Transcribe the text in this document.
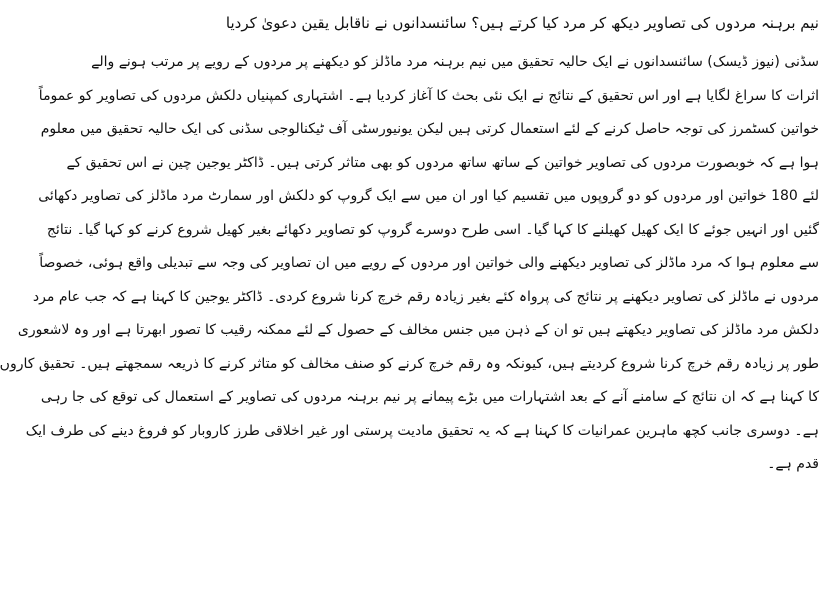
نیم برہنہ مردوں کی تصاویر دیکھ کر مرد کیا کرتے ہیں؟ سائنسدانوں نے ناقابل یقین دعویٰ کردیا

سڈنی (نیوز ڈیسک) سائنسدانوں نے ایک حالیہ تحقیق میں نیم برہنہ مرد ماڈلز کو دیکھنے پر مردوں کے رویے پر مرتب ہونے والے

اثرات کا سراغ لگایا ہے اور اس تحقیق کے نتائج نے ایک نئی بحث کا آغاز کردیا ہے۔ اشتہاری کمپنیاں دلکش مردوں کی تصاویر کو عموماً

خواتین کسٹمرز کی توجہ حاصل کرنے کے لئے استعمال کرتی ہیں لیکن یونیورسٹی آف ٹیکنالوجی سڈنی کی ایک حالیہ تحقیق میں معلوم

ہوا ہے کہ خوبصورت مردوں کی تصاویر خواتین کے ساتھ ساتھ مردوں کو بھی متاثر کرتی ہیں۔ ڈاکٹر یوجین چین نے اس تحقیق کے

لئے 180 خواتین اور مردوں کو دو گروپوں میں تقسیم کیا اور ان میں سے ایک گروپ کو دلکش اور سمارٹ مرد ماڈلز کی تصاویر دکھائی

گئیں اور انہیں جوئے کا ایک کھیل کھیلنے کا کہا گیا۔ اسی طرح دوسرے گروپ کو تصاویر دکھائے بغیر کھیل شروع کرنے کو کہا گیا۔ نتائج

سے معلوم ہوا کہ مرد ماڈلز کی تصاویر دیکھنے والی خواتین اور مردوں کے رویے میں ان تصاویر کی وجہ سے تبدیلی واقع ہوئی، خصوصاً

مردوں نے ماڈلز کی تصاویر دیکھنے پر نتائج کی پرواہ کئے بغیر زیادہ رقم خرچ کرنا شروع کردی۔ ڈاکٹر یوجین کا کہنا ہے کہ جب عام مرد

دلکش مرد ماڈلز کی تصاویر دیکھتے ہیں تو ان کے ذہن میں جنس مخالف کے حصول کے لئے ممکنہ رقیب کا تصور ابھرتا ہے اور وہ لاشعوری

طور پر زیادہ رقم خرچ کرنا شروع کردیتے ہیں، کیونکہ وہ رقم خرچ کرنے کو صنف مخالف کو متاثر کرنے کا ذریعہ سمجھتے ہیں۔ تحقیق کاروں

کا کہنا ہے کہ ان نتائج کے سامنے آنے کے بعد اشتہارات میں بڑے پیمانے پر نیم برہنہ مردوں کی تصاویر کے استعمال کی توقع کی جا رہی

ہے۔ دوسری جانب کچھ ماہرین عمرانیات کا کہنا ہے کہ یہ تحقیق مادیت پرستی اور غیر اخلاقی طرز کاروبار کو فروغ دینے کی طرف ایک

قدم ہے۔
